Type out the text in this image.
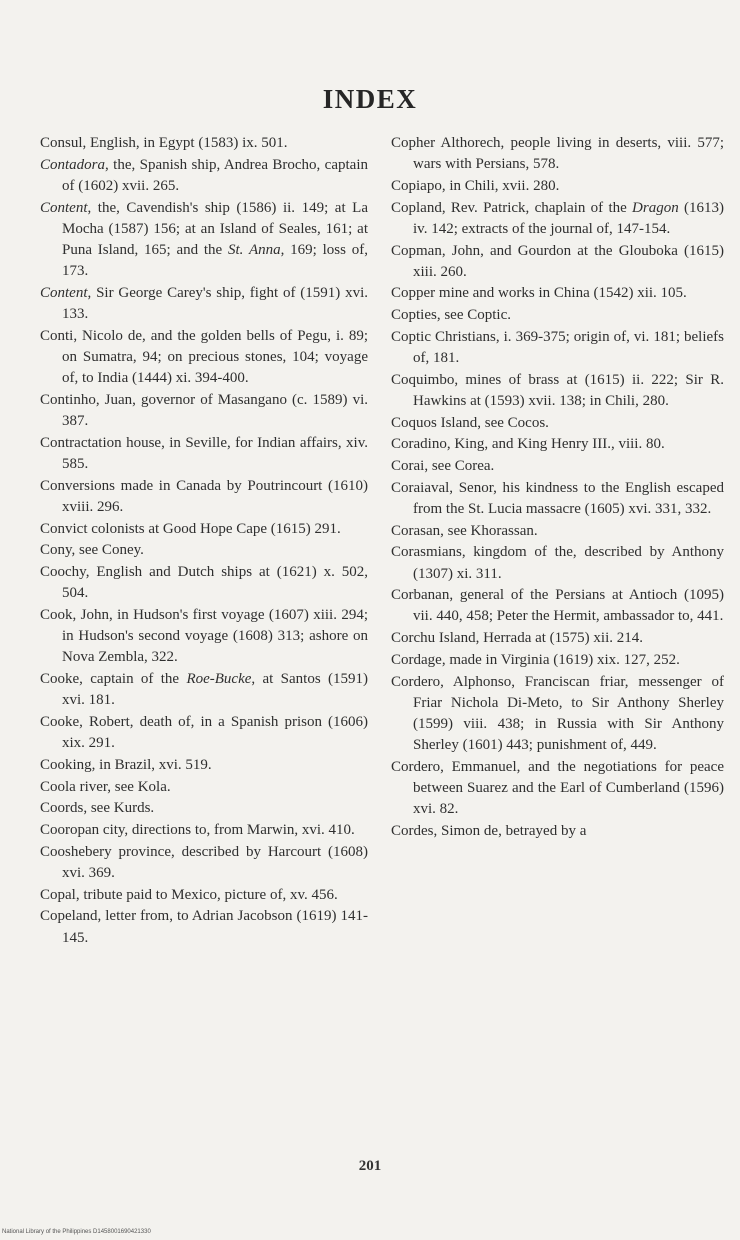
INDEX
Consul, English, in Egypt (1583) ix. 501.
Contadora, the, Spanish ship, Andrea Brocho, captain of (1602) xvii. 265.
Content, the, Cavendish's ship (1586) ii. 149; at La Mocha (1587) 156; at an Island of Seales, 161; at Puna Island, 165; and the St. Anna, 169; loss of, 173.
Content, Sir George Carey's ship, fight of (1591) xvi. 133.
Conti, Nicolo de, and the golden bells of Pegu, i. 89; on Sumatra, 94; on precious stones, 104; voyage of, to India (1444) xi. 394-400.
Continho, Juan, governor of Masangano (c. 1589) vi. 387.
Contractation house, in Seville, for Indian affairs, xiv. 585.
Conversions made in Canada by Poutrincourt (1610) xviii. 296.
Convict colonists at Good Hope Cape (1615) 291.
Cony, see Coney.
Coochy, English and Dutch ships at (1621) x. 502, 504.
Cook, John, in Hudson's first voyage (1607) xiii. 294; in Hudson's second voyage (1608) 313; ashore on Nova Zembla, 322.
Cooke, captain of the Roe-Bucke, at Santos (1591) xvi. 181.
Cooke, Robert, death of, in a Spanish prison (1606) xix. 291.
Cooking, in Brazil, xvi. 519.
Coola river, see Kola.
Coords, see Kurds.
Cooropan city, directions to, from Marwin, xvi. 410.
Cooshebery province, described by Harcourt (1608) xvi. 369.
Copal, tribute paid to Mexico, picture of, xv. 456.
Copeland, letter from, to Adrian Jacobson (1619) 141-145.
Copher Althorech, people living in deserts, viii. 577; wars with Persians, 578.
Copiapo, in Chili, xvii. 280.
Copland, Rev. Patrick, chaplain of the Dragon (1613) iv. 142; extracts of the journal of, 147-154.
Copman, John, and Gourdon at the Glouboka (1615) xiii. 260.
Copper mine and works in China (1542) xii. 105.
Copties, see Coptic.
Coptic Christians, i. 369-375; origin of, vi. 181; beliefs of, 181.
Coquimbo, mines of brass at (1615) ii. 222; Sir R. Hawkins at (1593) xvii. 138; in Chili, 280.
Coquos Island, see Cocos.
Coradino, King, and King Henry III., viii. 80.
Corai, see Corea.
Coraiaval, Senor, his kindness to the English escaped from the St. Lucia massacre (1605) xvi. 331, 332.
Corasan, see Khorassan.
Corasmians, kingdom of the, described by Anthony (1307) xi. 311.
Corbanan, general of the Persians at Antioch (1095) vii. 440, 458; Peter the Hermit, ambassador to, 441.
Corchu Island, Herrada at (1575) xii. 214.
Cordage, made in Virginia (1619) xix. 127, 252.
Cordero, Alphonso, Franciscan friar, messenger of Friar Nichola Di-Meto, to Sir Anthony Sherley (1599) viii. 438; in Russia with Sir Anthony Sherley (1601) 443; punishment of, 449.
Cordero, Emmanuel, and the negotiations for peace between Suarez and the Earl of Cumberland (1596) xvi. 82.
Cordes, Simon de, betrayed by a
201
National Library of the Philippines D1458001690421330
